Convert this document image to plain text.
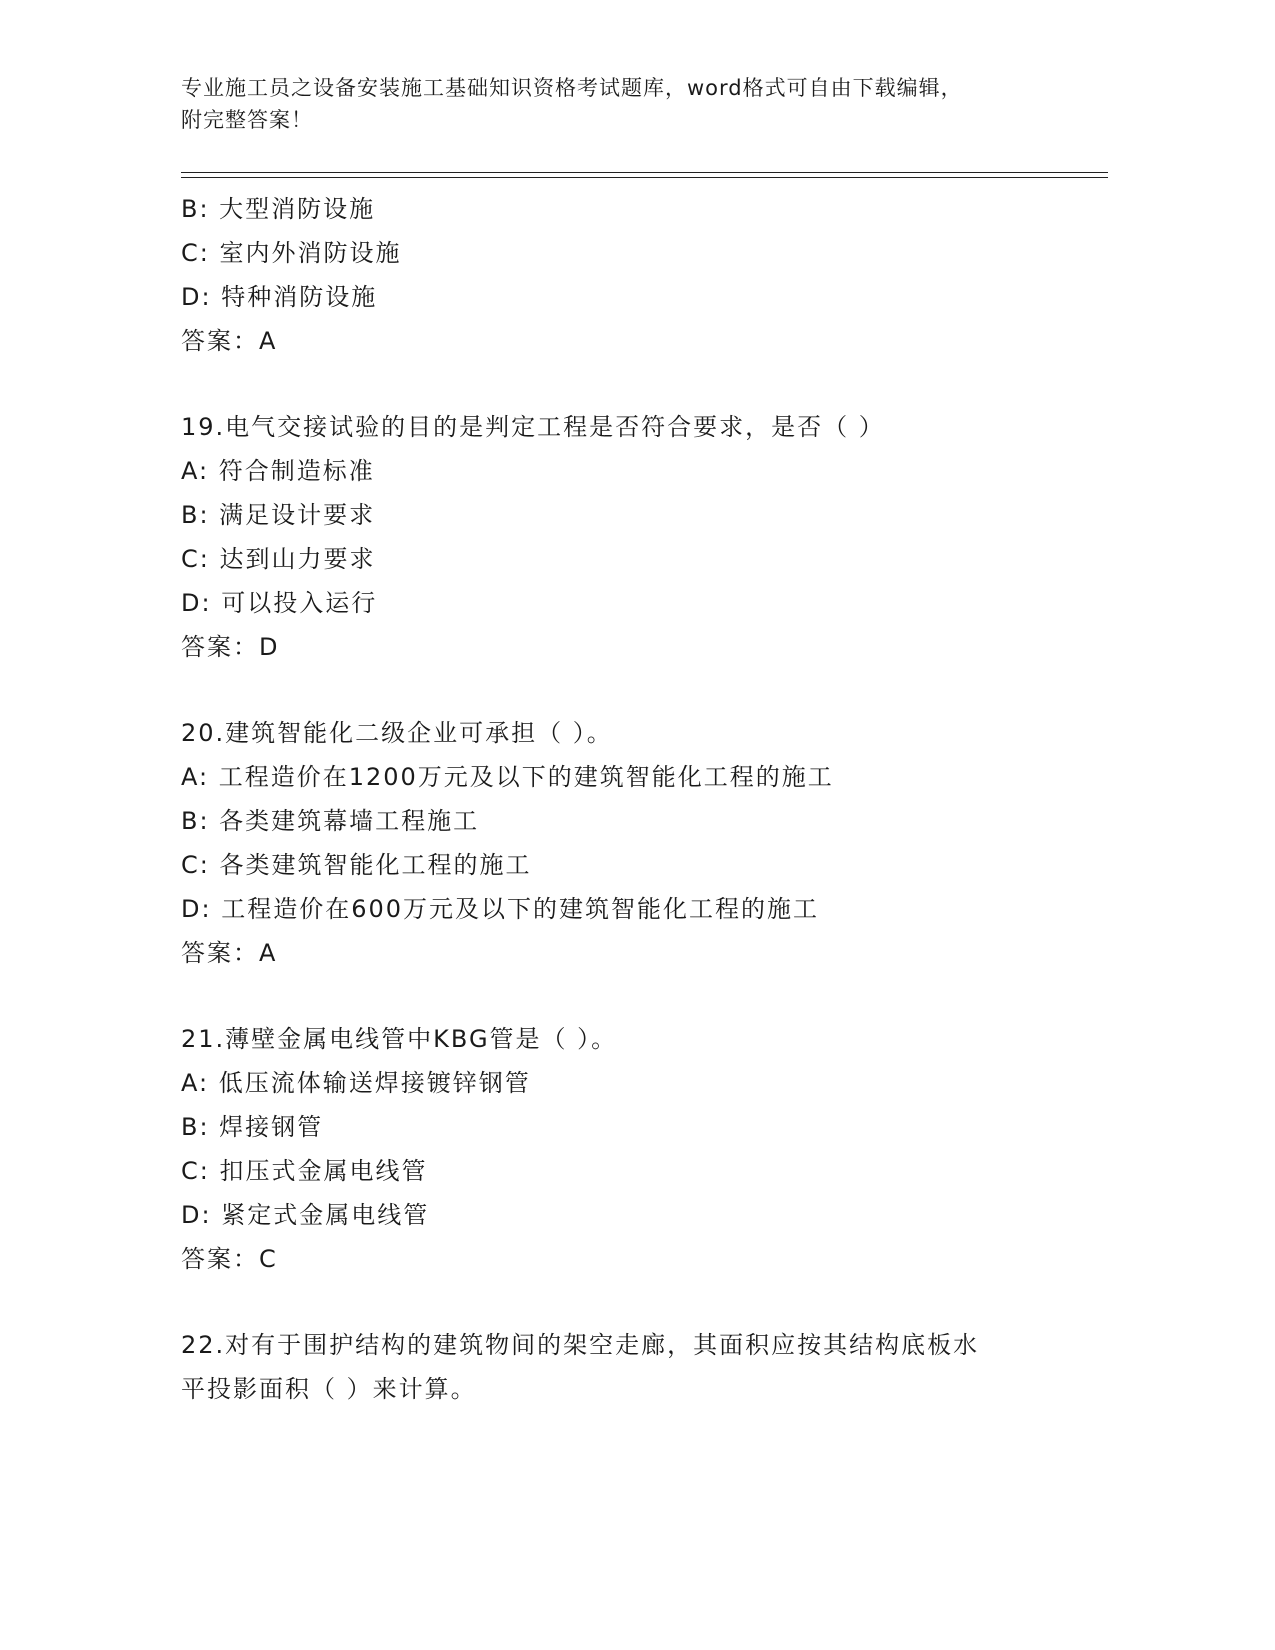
专业施工员之设备安装施工基础知识资格考试题库，word格式可自由下载编辑，
附完整答案！
B: 大型消防设施
C: 室内外消防设施
D: 特种消防设施
答案：A
19.电气交接试验的目的是判定工程是否符合要求，是否（ ）
A: 符合制造标准
B: 满足设计要求
C: 达到山力要求
D: 可以投入运行
答案：D
20.建筑智能化二级企业可承担（ ）。
A: 工程造价在1200万元及以下的建筑智能化工程的施工
B: 各类建筑幕墙工程施工
C: 各类建筑智能化工程的施工
D: 工程造价在600万元及以下的建筑智能化工程的施工
答案：A
21.薄壁金属电线管中KBG管是（ ）。
A: 低压流体输送焊接镀锌钢管
B: 焊接钢管
C: 扣压式金属电线管
D: 紧定式金属电线管
答案：C
22.对有于围护结构的建筑物间的架空走廊，其面积应按其结构底板水
平投影面积（ ）来计算。
